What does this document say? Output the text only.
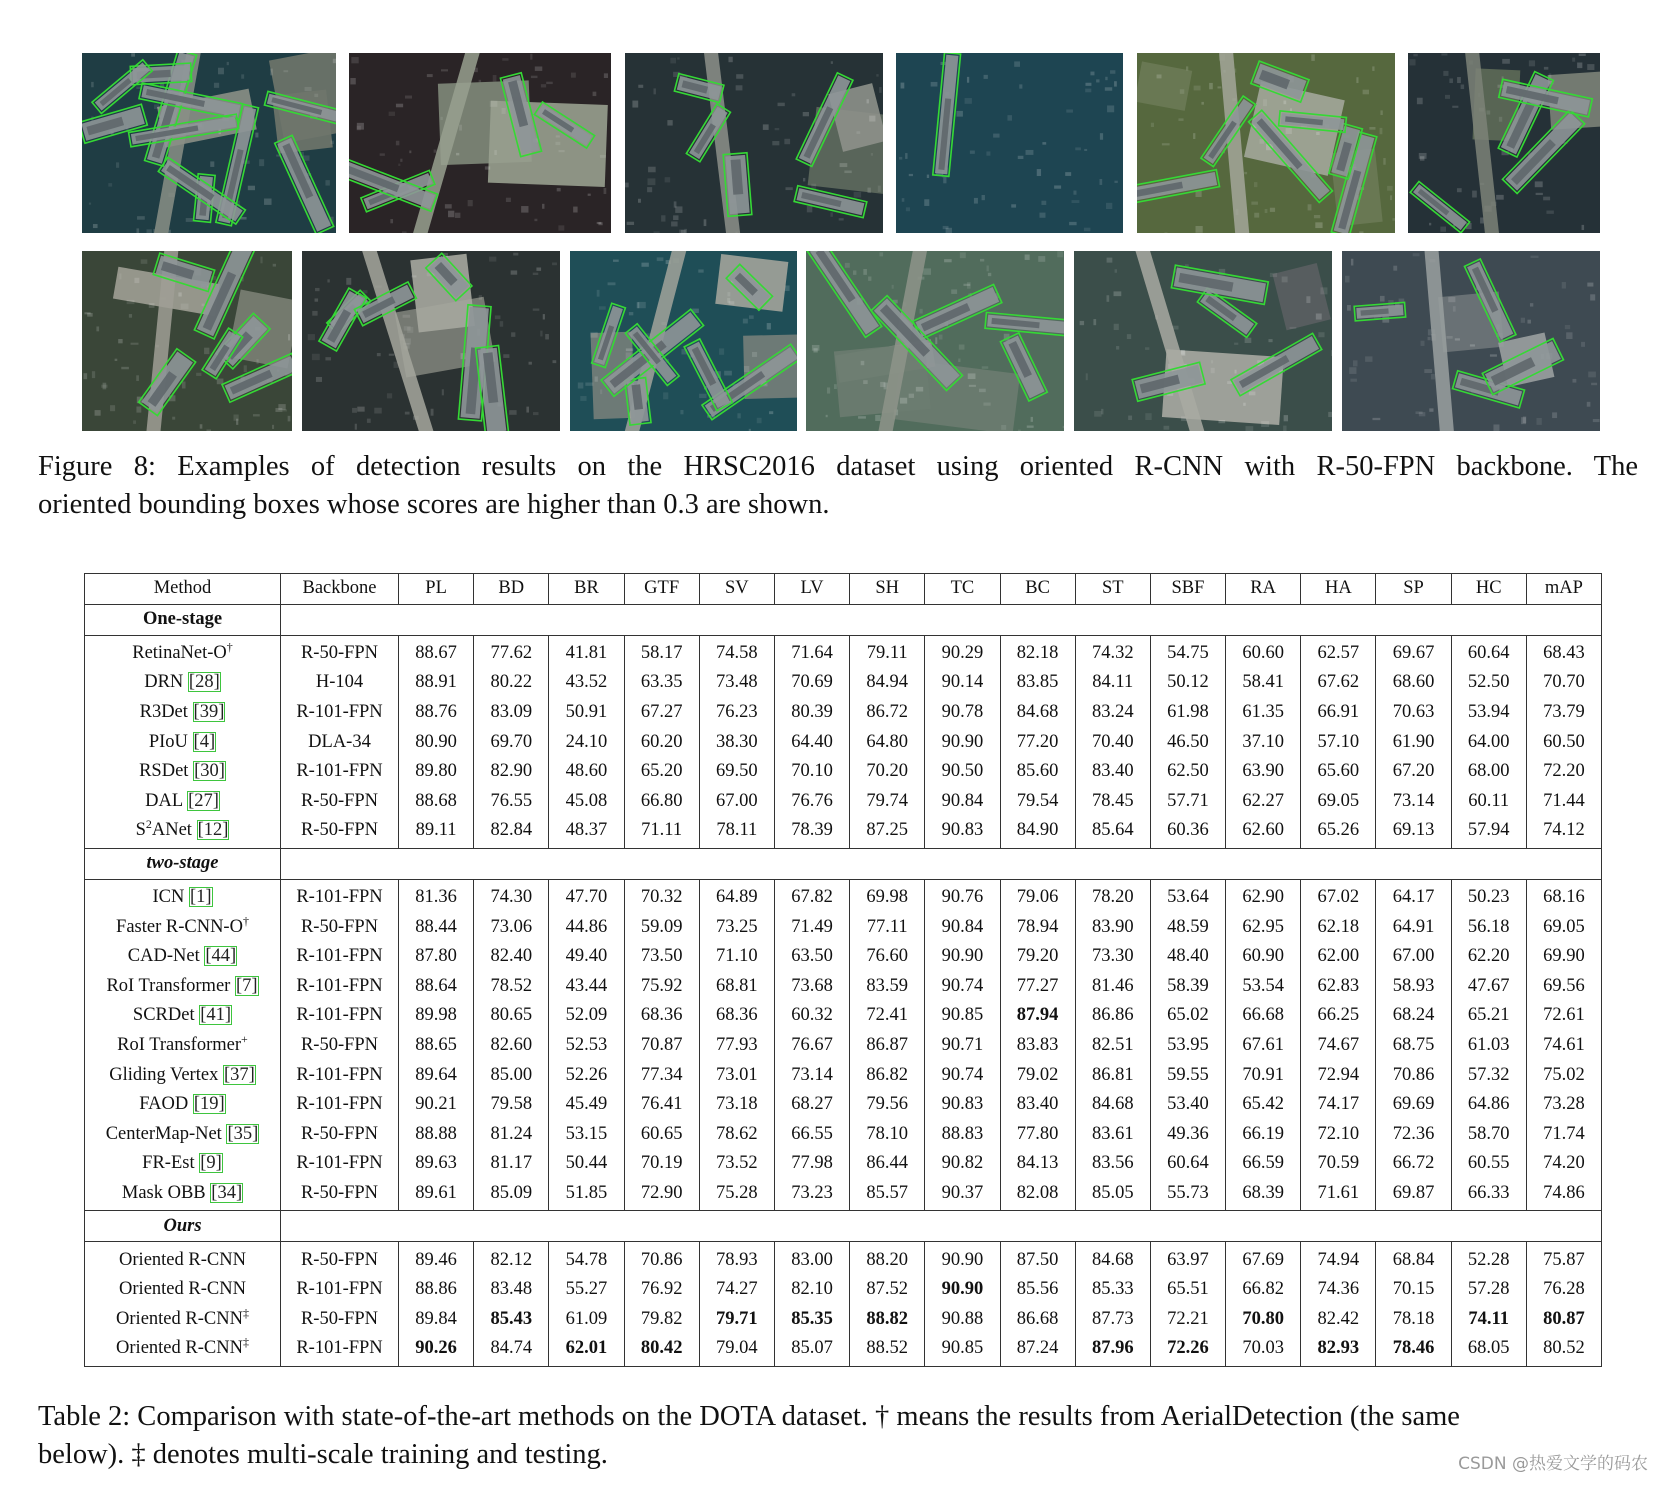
Figure 8: Examples of detection results on the HRSC2016 dataset using oriented R-CNN with R-50-FPN backbone. The
oriented bounding boxes whose scores are higher than 0.3 are shown.
Method	Backbone	PL	BD	BR	GTF	SV	LV	SH	TC	BC	ST	SBF	RA	HA	SP	HC	mAP
One-stage																	
RetinaNet-O†	R-50-FPN	88.67	77.62	41.81	58.17	74.58	71.64	79.11	90.29	82.18	74.32	54.75	60.60	62.57	69.67	60.64	68.43
DRN [28]	H-104	88.91	80.22	43.52	63.35	73.48	70.69	84.94	90.14	83.85	84.11	50.12	58.41	67.62	68.60	52.50	70.70
R3Det [39]	R-101-FPN	88.76	83.09	50.91	67.27	76.23	80.39	86.72	90.78	84.68	83.24	61.98	61.35	66.91	70.63	53.94	73.79
PIoU [4]	DLA-34	80.90	69.70	24.10	60.20	38.30	64.40	64.80	90.90	77.20	70.40	46.50	37.10	57.10	61.90	64.00	60.50
RSDet [30]	R-101-FPN	89.80	82.90	48.60	65.20	69.50	70.10	70.20	90.50	85.60	83.40	62.50	63.90	65.60	67.20	68.00	72.20
DAL [27]	R-50-FPN	88.68	76.55	45.08	66.80	67.00	76.76	79.74	90.84	79.54	78.45	57.71	62.27	69.05	73.14	60.11	71.44
$S^2ANet$ [12]	R-50-FPN	89.11	82.84	48.37	71.11	78.11	78.39	87.25	90.83	84.90	85.64	60.36	62.60	65.26	69.13	57.94	74.12
two-stage																	
ICN [1]	R-101-FPN	81.36	74.30	47.70	70.32	64.89	67.82	69.98	90.76	79.06	78.20	53.64	62.90	67.02	64.17	50.23	68.16
Faster R-CNN-O†	R-50-FPN	88.44	73.06	44.86	59.09	73.25	71.49	77.11	90.84	78.94	83.90	48.59	62.95	62.18	64.91	56.18	69.05
CAD-Net [44]	R-101-FPN	87.80	82.40	49.40	73.50	71.10	63.50	76.60	90.90	79.20	73.30	48.40	60.90	62.00	67.00	62.20	69.90
RoI Transformer [7]	R-101-FPN	88.64	78.52	43.44	75.92	68.81	73.68	83.59	90.74	77.27	81.46	58.39	53.54	62.83	58.93	47.67	69.56
SCRDet [41]	R-101-FPN	89.98	80.65	52.09	68.36	68.36	60.32	72.41	90.85	87.94	86.86	65.02	66.68	66.25	68.24	65.21	72.61
RoI Transformer+	R-50-FPN	88.65	82.60	52.53	70.87	77.93	76.67	86.87	90.71	83.83	82.51	53.95	67.61	74.67	68.75	61.03	74.61
Gliding Vertex [37]	R-101-FPN	89.64	85.00	52.26	77.34	73.01	73.14	86.82	90.74	79.02	86.81	59.55	70.91	72.94	70.86	57.32	75.02
FAOD [19]	R-101-FPN	90.21	79.58	45.49	76.41	73.18	68.27	79.56	90.83	83.40	84.68	53.40	65.42	74.17	69.69	64.86	73.28
CenterMap-Net [35]	R-50-FPN	88.88	81.24	53.15	60.65	78.62	66.55	78.10	88.83	77.80	83.61	49.36	66.19	72.10	72.36	58.70	71.74
FR-Est [9]	R-101-FPN	89.63	81.17	50.44	70.19	73.52	77.98	86.44	90.82	84.13	83.56	60.64	66.59	70.59	66.72	60.55	74.20
Mask OBB [34]	R-50-FPN	89.61	85.09	51.85	72.90	75.28	73.23	85.57	90.37	82.08	85.05	55.73	68.39	71.61	69.87	66.33	74.86
Ours																	
Oriented R-CNN	R-50-FPN	89.46	82.12	54.78	70.86	78.93	83.00	88.20	90.90	87.50	84.68	63.97	67.69	74.94	68.84	52.28	75.87
Oriented R-CNN	R-101-FPN	88.86	83.48	55.27	76.92	74.27	82.10	87.52	90.90	85.56	85.33	65.51	66.82	74.36	70.15	57.28	76.28
Oriented R-CNN‡	R-50-FPN	89.84	85.43	61.09	79.82	79.71	85.35	88.82	90.88	86.68	87.73	72.21	70.80	82.42	78.18	74.11	80.87
Oriented R-CNN‡	R-101-FPN	90.26	84.74	62.01	80.42	79.04	85.07	88.52	90.85	87.24	87.96	72.26	70.03	82.93	78.46	68.05	80.52
Table 2: Comparison with state-of-the-art methods on the DOTA dataset. † means the results from AerialDetection (the same
below). ‡ denotes multi-scale training and testing.	CSDN @热爱文学的码农
